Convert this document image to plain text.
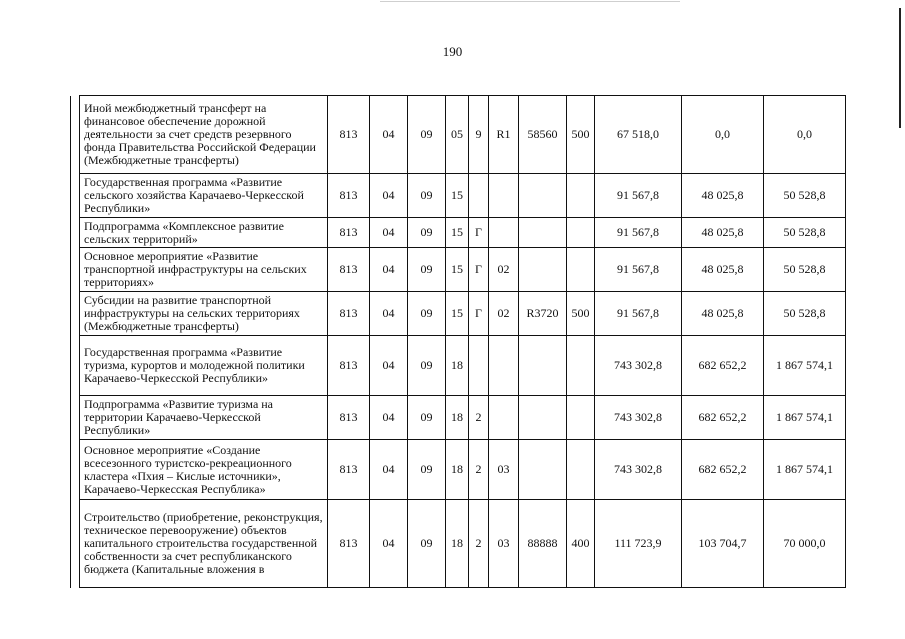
190
	Иной межбюджетный трансферт на финансовое обеспечение дорожной деятельности за счет средств резервного фонда Правительства Российской Федерации (Межбюджетные трансферты)	813	04	09	05	9	R1	58560	500	67 518,0	0,0	0,0
	Государственная программа «Развитие сельского хозяйства Карачаево-Черкесской Республики»	813	04	09	15					91 567,8	48 025,8	50 528,8
	Подпрограмма «Комплексное развитие сельских территорий»	813	04	09	15	Г				91 567,8	48 025,8	50 528,8
	Основное мероприятие «Развитие транспортной инфраструктуры на сельских территориях»	813	04	09	15	Г	02			91 567,8	48 025,8	50 528,8
	Субсидии на развитие транспортной инфраструктуры на сельских территориях (Межбюджетные трансферты)	813	04	09	15	Г	02	R3720	500	91 567,8	48 025,8	50 528,8
	Государственная программа «Развитие туризма, курортов и молодежной политики Карачаево-Черкесской Республики»	813	04	09	18					743 302,8	682 652,2	1 867 574,1
	Подпрограмма «Развитие туризма на территории Карачаево-Черкесской Республики»	813	04	09	18	2				743 302,8	682 652,2	1 867 574,1
	Основное мероприятие «Создание всесезонного туристско-рекреационного кластера «Пхия – Кислые источники», Карачаево-Черкесская Республика»	813	04	09	18	2	03			743 302,8	682 652,2	1 867 574,1
	Строительство (приобретение, реконструкция, техническое перевооружение) объектов капитального строительства государственной собственности за счет республиканского бюджета (Капитальные вложения в	813	04	09	18	2	03	88888	400	111 723,9	103 704,7	70 000,0
